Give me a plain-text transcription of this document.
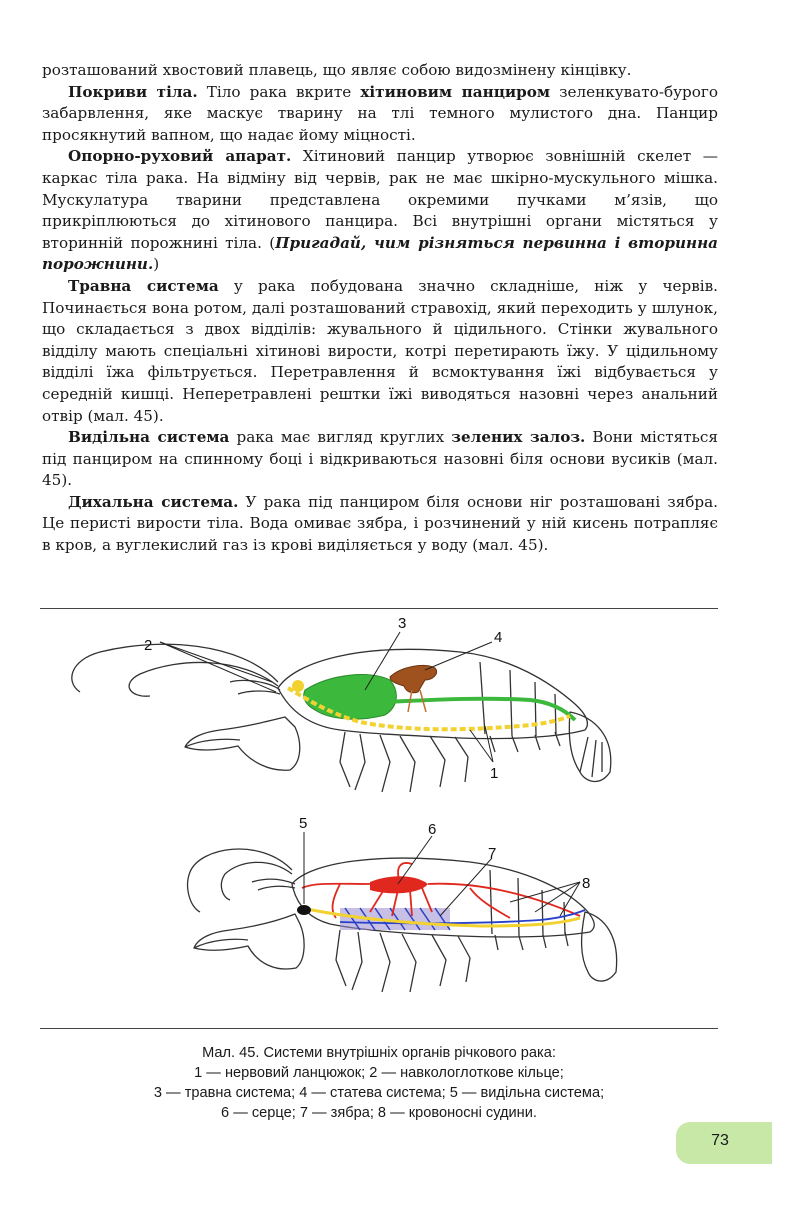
розташований хвостовий плавець, що являє собою видозмінену кінцівку.

Покриви тіла. Тіло рака вкрите хітиновим панциром зеленкувато-бурого забарвлення, яке маскує тварину на тлі темного мулистого дна. Панцир просякнутий вапном, що надає йому міцності.

Опорно-руховий апарат. Хітиновий панцир утворює зовнішній скелет — каркас тіла рака. На відміну від червів, рак не має шкірно-мускульного мішка. Мускулатура тварини представлена окремими пучками м’язів, що прикріплюються до хітинового панцира. Всі внутрішні органи містяться у вторинній порожнині тіла. (Пригадай, чим різняться первинна і вторинна порожнини.)

Травна система у рака побудована значно складніше, ніж у червів. Починається вона ротом, далі розташований стравохід, який переходить у шлунок, що складається з двох відділів: жувального й цідильного. Стінки жувального відділу мають спеціальні хітинові вирости, котрі перетирають їжу. У цідильному відділі їжа фільтрується. Перетравлення й всмоктування їжі відбувається у середній кишці. Неперетравлені рештки їжі виводяться назовні через анальний отвір (мал. 45).

Видільна система рака має вигляд круглих зелених залоз. Вони містяться під панциром на спинному боці і відкриваються назовні біля основи вусиків (мал. 45).

Дихальна система. У рака під панциром біля основи ніг розташовані зябра. Це перисті вирости тіла. Вода омиває зябра, і розчинений у ній кисень потрапляє в кров, а вуглекислий газ із крові виділяється у воду (мал. 45).

2
3
4
1
5	6
7
8
Мал. 45. Системи внутрішніх органів річкового рака:
1 — нервовий ланцюжок; 2 — навкологлоткове кільце;
3 — травна система; 4 — статева система; 5 — видільна система;
6 — серце; 7 — зябра; 8 — кровоносні судини.
73
